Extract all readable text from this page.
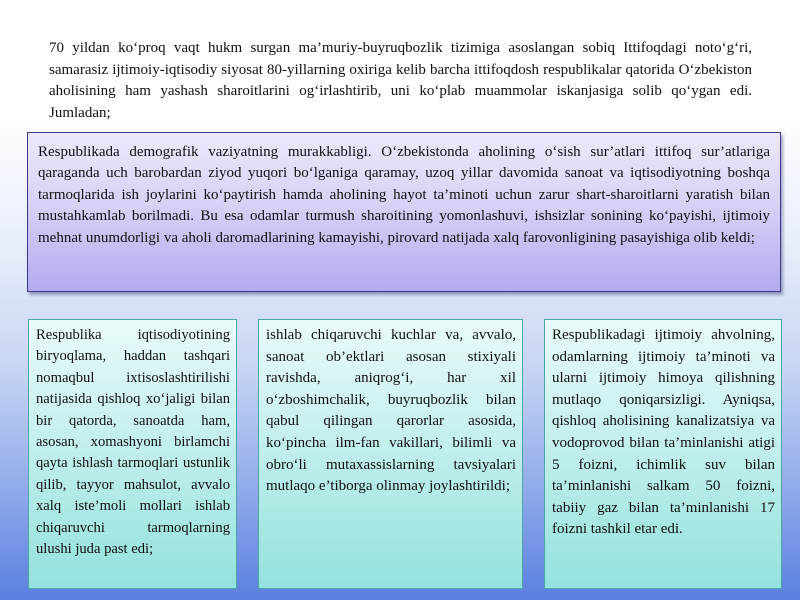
70 yildan ko‘proq vaqt hukm surgan ma’muriy-buyruqbozlik tizimiga asoslangan sobiq Ittifoqdagi noto‘g‘ri, samarasiz ijtimoiy-iqtisodiy siyosat 80-yillarning oxiriga kelib barcha ittifoqdosh respublikalar qatorida O‘zbekiston aholisining ham yashash sharoitlarini og‘irlashtirib, uni ko‘plab muammolar iskanjasiga solib qo‘ygan edi. Jumladan;

Respublikada demografik vaziyatning murakkabligi. O‘zbekistonda aholining o‘sish sur’atlari ittifoq sur’atlariga qaraganda uch barobardan ziyod yuqori bo‘lganiga qaramay, uzoq yillar davomida sanoat va iqtisodiyotning boshqa tarmoqlarida ish joylarini ko‘paytirish hamda aholining hayot ta’minoti uchun zarur shart-sharoitlarni yaratish bilan mustahkamlab borilmadi. Bu esa odamlar turmush sharoitining yomonlashuvi, ishsizlar sonining ko‘payishi, ijtimoiy mehnat unumdorligi va aholi daromadlarining kamayishi, pirovard natijada xalq farovonligining pasayishiga olib keldi;

Respublika iqtisodiyotining biryoqlama, haddan tashqari nomaqbul ixtisoslashtirilishi natijasida qishloq xo‘jaligi bilan bir qatorda, sanoatda ham, asosan, xomashyoni birlamchi qayta ishlash tarmoqlari ustunlik qilib, tayyor mahsulot, avvalo xalq iste’moli mollari ishlab chiqaruvchi tarmoqlarning ulushi juda past edi;

ishlab chiqaruvchi kuchlar va, avvalo, sanoat ob’ektlari asosan stixiyali ravishda, aniqrog‘i, har xil o‘zboshimchalik, buyruqbozlik bilan qabul qilingan qarorlar asosida, ko‘pincha ilm-fan vakillari, bilimli va obro‘li mutaxassislarning tavsiyalari mutlaqo e’tiborga olinmay joylashtirildi;

Respublikadagi ijtimoiy ahvolning, odamlarning ijtimoiy ta’minoti va ularni ijtimoiy himoya qilishning mutlaqo qoniqarsizligi. Ayniqsa, qishloq aholisining kanalizatsiya va vodoprovod bilan ta’minlanishi atigi 5 foizni, ichimlik suv bilan ta’minlanishi salkam 50 foizni, tabiiy gaz bilan ta’minlanishi 17 foizni tashkil etar edi.
